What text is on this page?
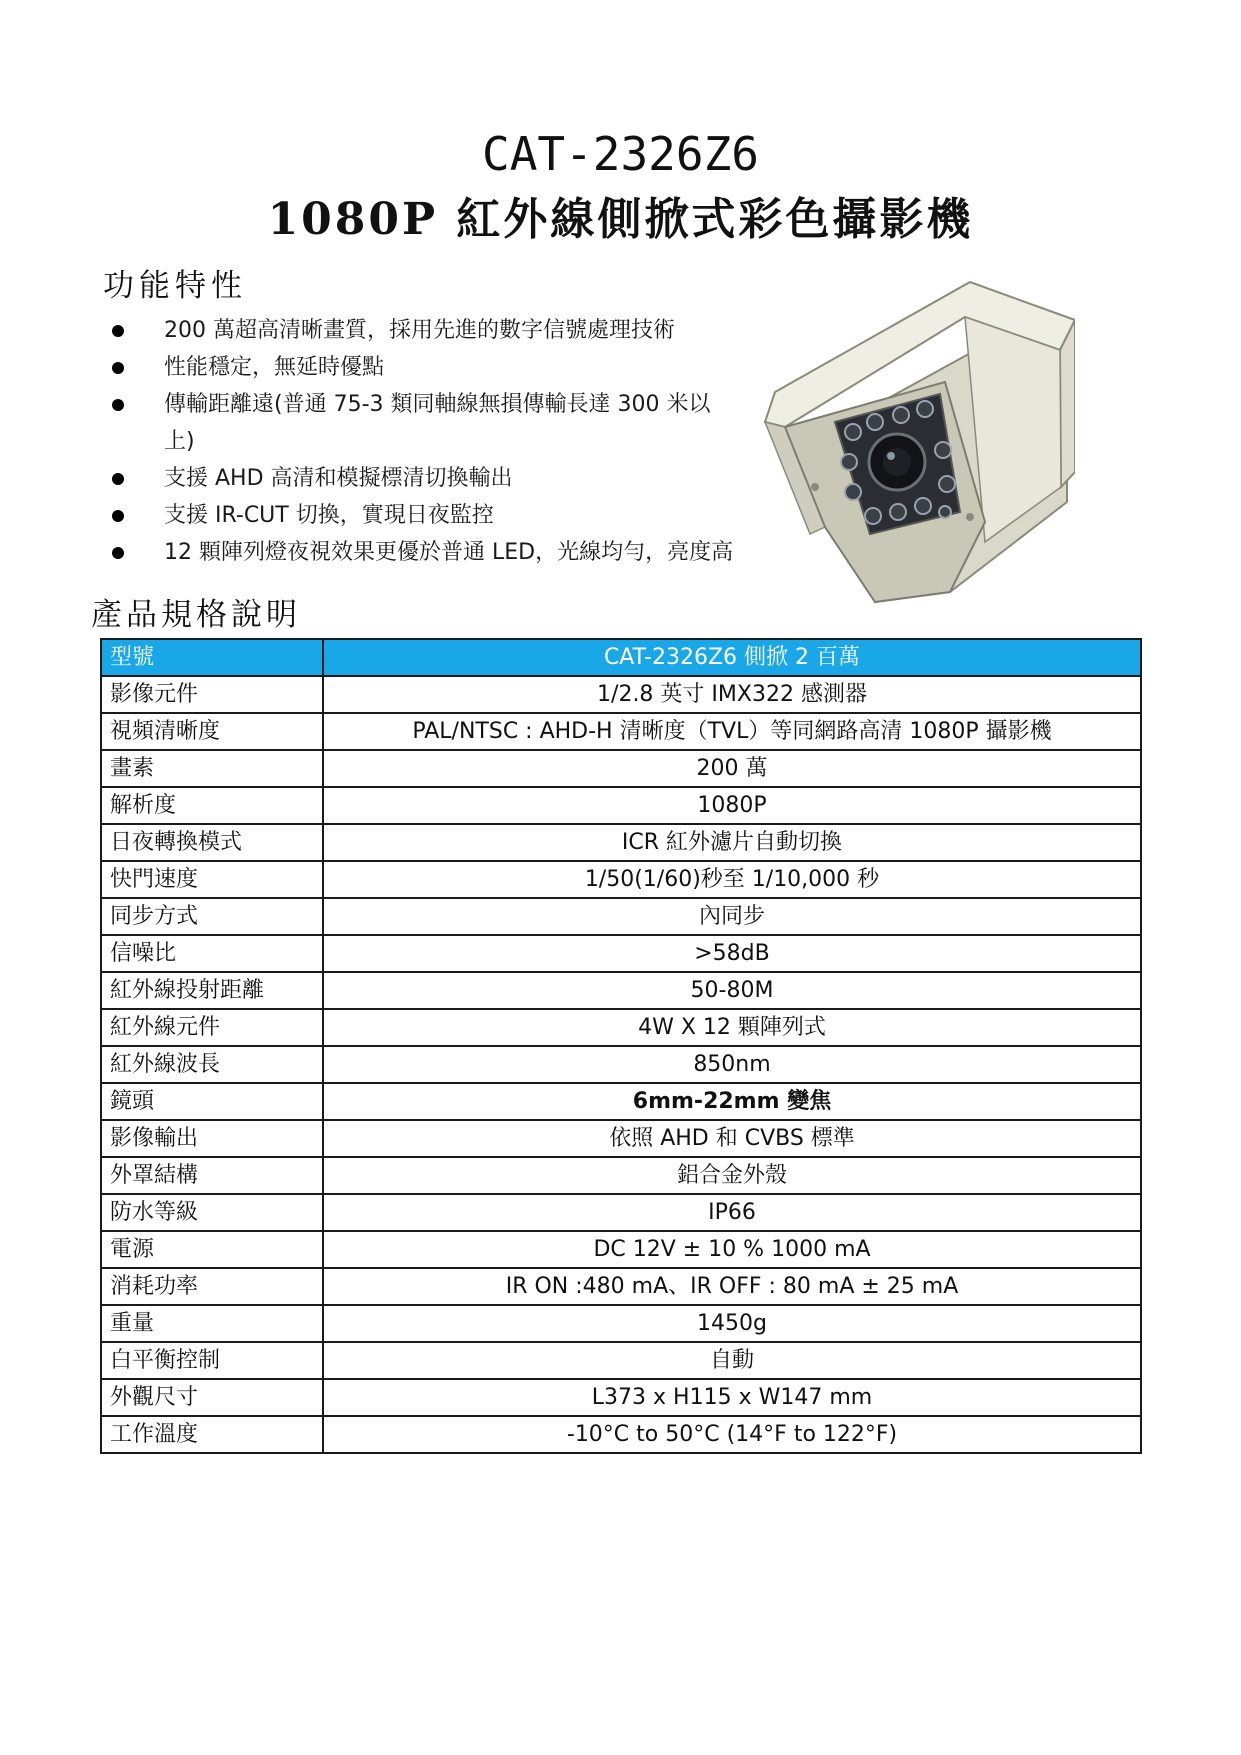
CAT-2326Z6
1080P 紅外線側掀式彩色攝影機
功能特性
200 萬超高清晰畫質，採用先進的數字信號處理技術
性能穩定，無延時優點
傳輸距離遠(普通 75-3 類同軸線無損傳輸長達 300 米以上)
支援 AHD 高清和模擬標清切換輸出
支援 IR-CUT 切換，實現日夜監控
12 顆陣列燈夜視效果更優於普通 LED，光線均勻，亮度高
產品規格說明
型號	CAT-2326Z6 側掀 2 百萬
影像元件	1/2.8 英寸 IMX322 感測器
視頻清晰度	PAL/NTSC : AHD-H 清晰度（TVL）等同網路高清 1080P 攝影機
畫素	200 萬
解析度	1080P
日夜轉換模式	ICR 紅外濾片自動切換
快門速度	1/50(1/60)秒至 1/10,000 秒
同步方式	內同步
信噪比	>58dB
紅外線投射距離	50-80M
紅外線元件	4W X 12 顆陣列式
紅外線波長	850nm
鏡頭	6mm-22mm 變焦
影像輸出	依照 AHD 和 CVBS 標準
外罩結構	鋁合金外殼
防水等級	IP66
電源	DC 12V ± 10 % 1000 mA
消耗功率	IR ON :480 mA、IR OFF : 80 mA ± 25 mA
重量	1450g
白平衡控制	自動
外觀尺寸	L373 x H115 x W147 mm
工作溫度	-10°C to 50°C (14°F to 122°F)
